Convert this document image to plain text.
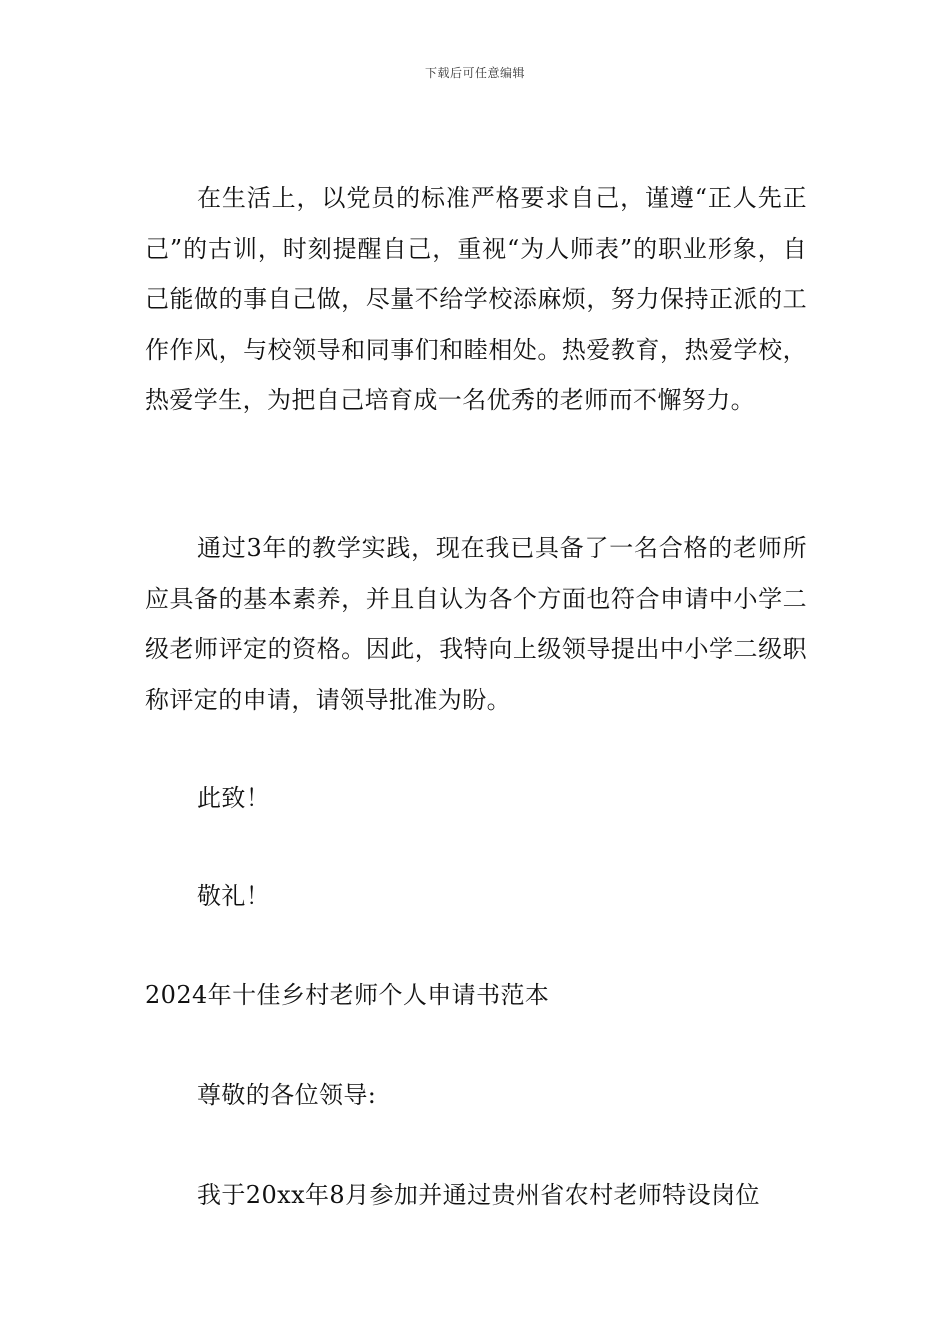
下载后可任意编辑
在生活上，以党员的标准严格要求自己，谨遵“正人先正己”的古训，时刻提醒自己，重视“为人师表”的职业形象，自己能做的事自己做，尽量不给学校添麻烦，努力保持正派的工作作风，与校领导和同事们和睦相处。热爱教育，热爱学校，热爱学生，为把自己培育成一名优秀的老师而不懈努力。
通过3年的教学实践，现在我已具备了一名合格的老师所应具备的基本素养，并且自认为各个方面也符合申请中小学二级老师评定的资格。因此，我特向上级领导提出中小学二级职称评定的申请，请领导批准为盼。
此致！
敬礼！
2024年十佳乡村老师个人申请书范本
尊敬的各位领导:
我于20xx年8月参加并通过贵州省农村老师特设岗位
